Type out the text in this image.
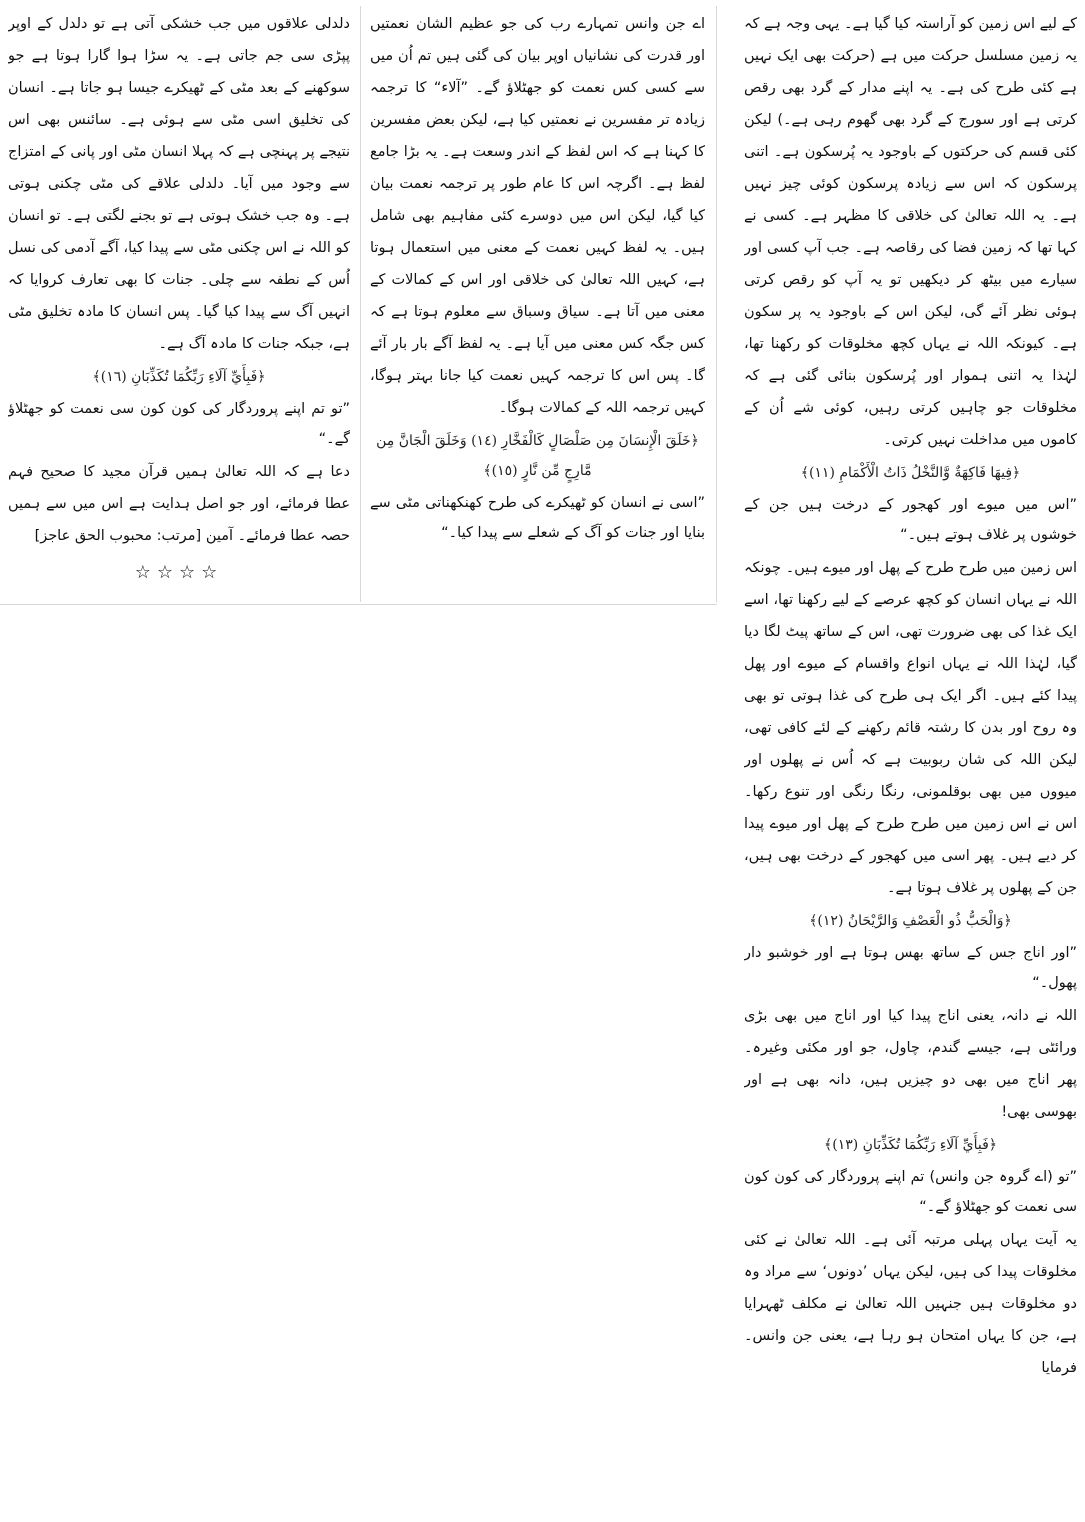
کے لیے اس زمین کو آراستہ کیا گیا ہے۔ یہی وجہ ہے کہ یہ زمین مسلسل حرکت میں ہے (حرکت بھی ایک نہیں ہے کئی طرح کی ہے۔ یہ اپنے مدار کے گرد بھی رقص کرتی ہے اور سورج کے گرد بھی گھوم رہی ہے۔) لیکن کئی قسم کی حرکتوں کے باوجود یہ پُرسکون ہے۔ اتنی پرسکون کہ اس سے زیادہ پرسکون کوئی چیز نہیں ہے۔ یہ اللہ تعالیٰ کی خلاقی کا مظہر ہے۔ کسی نے کہا تھا کہ زمین فضا کی رقاصہ ہے۔ جب آپ کسی اور سیارے میں بیٹھ کر دیکھیں تو یہ آپ کو رقص کرتی ہوئی نظر آئے گی، لیکن اس کے باوجود یہ پر سکون ہے۔ کیونکہ اللہ نے یہاں کچھ مخلوقات کو رکھنا تھا، لہٰذا یہ اتنی ہموار اور پُرسکون بنائی گئی ہے کہ مخلوقات جو چاہیں کرتی رہیں، کوئی شے اُن کے کاموں میں مداخلت نہیں کرتی۔

﴿فِيهَا فَاكِهَةٌ وَّالنَّخْلُ ذَاتُ الْأَكْمَامِ (١١)﴾

”اس میں میوے اور کھجور کے درخت ہیں جن کے خوشوں پر غلاف ہوتے ہیں۔“

اس زمین میں طرح طرح کے پھل اور میوے ہیں۔ چونکہ اللہ نے یہاں انسان کو کچھ عرصے کے لیے رکھنا تھا، اسے ایک غذا کی بھی ضرورت تھی، اس کے ساتھ پیٹ لگا دیا گیا، لہٰذا اللہ نے یہاں انواع واقسام کے میوے اور پھل پیدا کئے ہیں۔ اگر ایک ہی طرح کی غذا ہوتی تو بھی وہ روح اور بدن کا رشتہ قائم رکھنے کے لئے کافی تھی، لیکن اللہ کی شان ربوبیت ہے کہ اُس نے پھلوں اور میووں میں بھی بوقلمونی، رنگا رنگی اور تنوع رکھا۔ اس نے اس زمین میں طرح طرح کے پھل اور میوے پیدا کر دیے ہیں۔ پھر اسی میں کھجور کے درخت بھی ہیں، جن کے پھلوں پر غلاف ہوتا ہے۔

﴿وَالْحَبُّ ذُو الْعَصْفِ وَالرَّيْحَانُ (١٢)﴾

”اور اناج جس کے ساتھ بھس ہوتا ہے اور خوشبو دار پھول۔“

اللہ نے دانہ، یعنی اناج پیدا کیا اور اناج میں بھی بڑی ورائٹی ہے، جیسے گندم، چاول، جو اور مکئی وغیرہ۔ پھر اناج میں بھی دو چیزیں ہیں، دانہ بھی ہے اور بھوسی بھی!

﴿فَبِأَيِّ آلَاءِ رَبِّكُمَا تُكَذِّبَانِ (١٣)﴾

”تو (اے گروہ جن وانس) تم اپنے پروردگار کی کون کون سی نعمت کو جھٹلاؤ گے۔“

یہ آیت یہاں پہلی مرتبہ آئی ہے۔ اللہ تعالیٰ نے کئی مخلوقات پیدا کی ہیں، لیکن یہاں ’دونوں‘ سے مراد وہ دو مخلوقات ہیں جنہیں اللہ تعالیٰ نے مکلف ٹھہرایا ہے، جن کا یہاں امتحان ہو رہا ہے، یعنی جن وانس۔ فرمایا

اے جن وانس تمہارے رب کی جو عظیم الشان نعمتیں اور قدرت کی نشانیاں اوپر بیان کی گئی ہیں تم اُن میں سے کسی کس نعمت کو جھٹلاؤ گے۔ ”آلاء“ کا ترجمہ زیادہ تر مفسرین نے نعمتیں کیا ہے، لیکن بعض مفسرین کا کہنا ہے کہ اس لفظ کے اندر وسعت ہے۔ یہ بڑا جامع لفظ ہے۔ اگرچہ اس کا عام طور پر ترجمہ نعمت بیان کیا گیا، لیکن اس میں دوسرے کئی مفاہیم بھی شامل ہیں۔ یہ لفظ کہیں نعمت کے معنی میں استعمال ہوتا ہے، کہیں اللہ تعالیٰ کی خلاقی اور اس کے کمالات کے معنی میں آتا ہے۔ سیاق وسباق سے معلوم ہوتا ہے کہ کس جگہ کس معنی میں آیا ہے۔ یہ لفظ آگے بار بار آئے گا۔ پس اس کا ترجمہ کہیں نعمت کیا جانا بہتر ہوگا، کہیں ترجمہ اللہ کے کمالات ہوگا۔

﴿خَلَقَ الْإِنسَانَ مِن صَلْصَالٍ كَالْفَخَّارِ (١٤) وَخَلَقَ الْجَانَّ مِن مَّارِجٍ مِّن نَّارٍ (١٥)﴾

”اسی نے انسان کو ٹھیکرے کی طرح کھنکھناتی مٹی سے بنایا اور جنات کو آگ کے شعلے سے پیدا کیا۔“

دلدلی علاقوں میں جب خشکی آتی ہے تو دلدل کے اوپر پپڑی سی جم جاتی ہے۔ یہ سڑا ہوا گارا ہوتا ہے جو سوکھنے کے بعد مٹی کے ٹھیکرے جیسا ہو جاتا ہے۔ انسان کی تخلیق اسی مٹی سے ہوئی ہے۔ سائنس بھی اس نتیجے پر پہنچی ہے کہ پہلا انسان مٹی اور پانی کے امتزاج سے وجود میں آیا۔ دلدلی علاقے کی مٹی چکنی ہوتی ہے۔ وہ جب خشک ہوتی ہے تو بجنے لگتی ہے۔ تو انسان کو اللہ نے اس چکنی مٹی سے پیدا کیا، آگے آدمی کی نسل اُس کے نطفہ سے چلی۔ جنات کا بھی تعارف کروایا کہ انہیں آگ سے پیدا کیا گیا۔ پس انسان کا مادہ تخلیق مٹی ہے، جبکہ جنات کا مادہ آگ ہے۔

﴿فَبِأَيِّ آلَاءِ رَبِّكُمَا تُكَذِّبَانِ (١٦)﴾

”تو تم اپنے پروردگار کی کون کون سی نعمت کو جھٹلاؤ گے۔“

دعا ہے کہ اللہ تعالیٰ ہمیں قرآن مجید کا صحیح فہم عطا فرمائے، اور جو اصل ہدایت ہے اس میں سے ہمیں حصہ عطا فرمائے۔ آمین [مرتب: محبوب الحق عاجز]

☆☆☆☆
